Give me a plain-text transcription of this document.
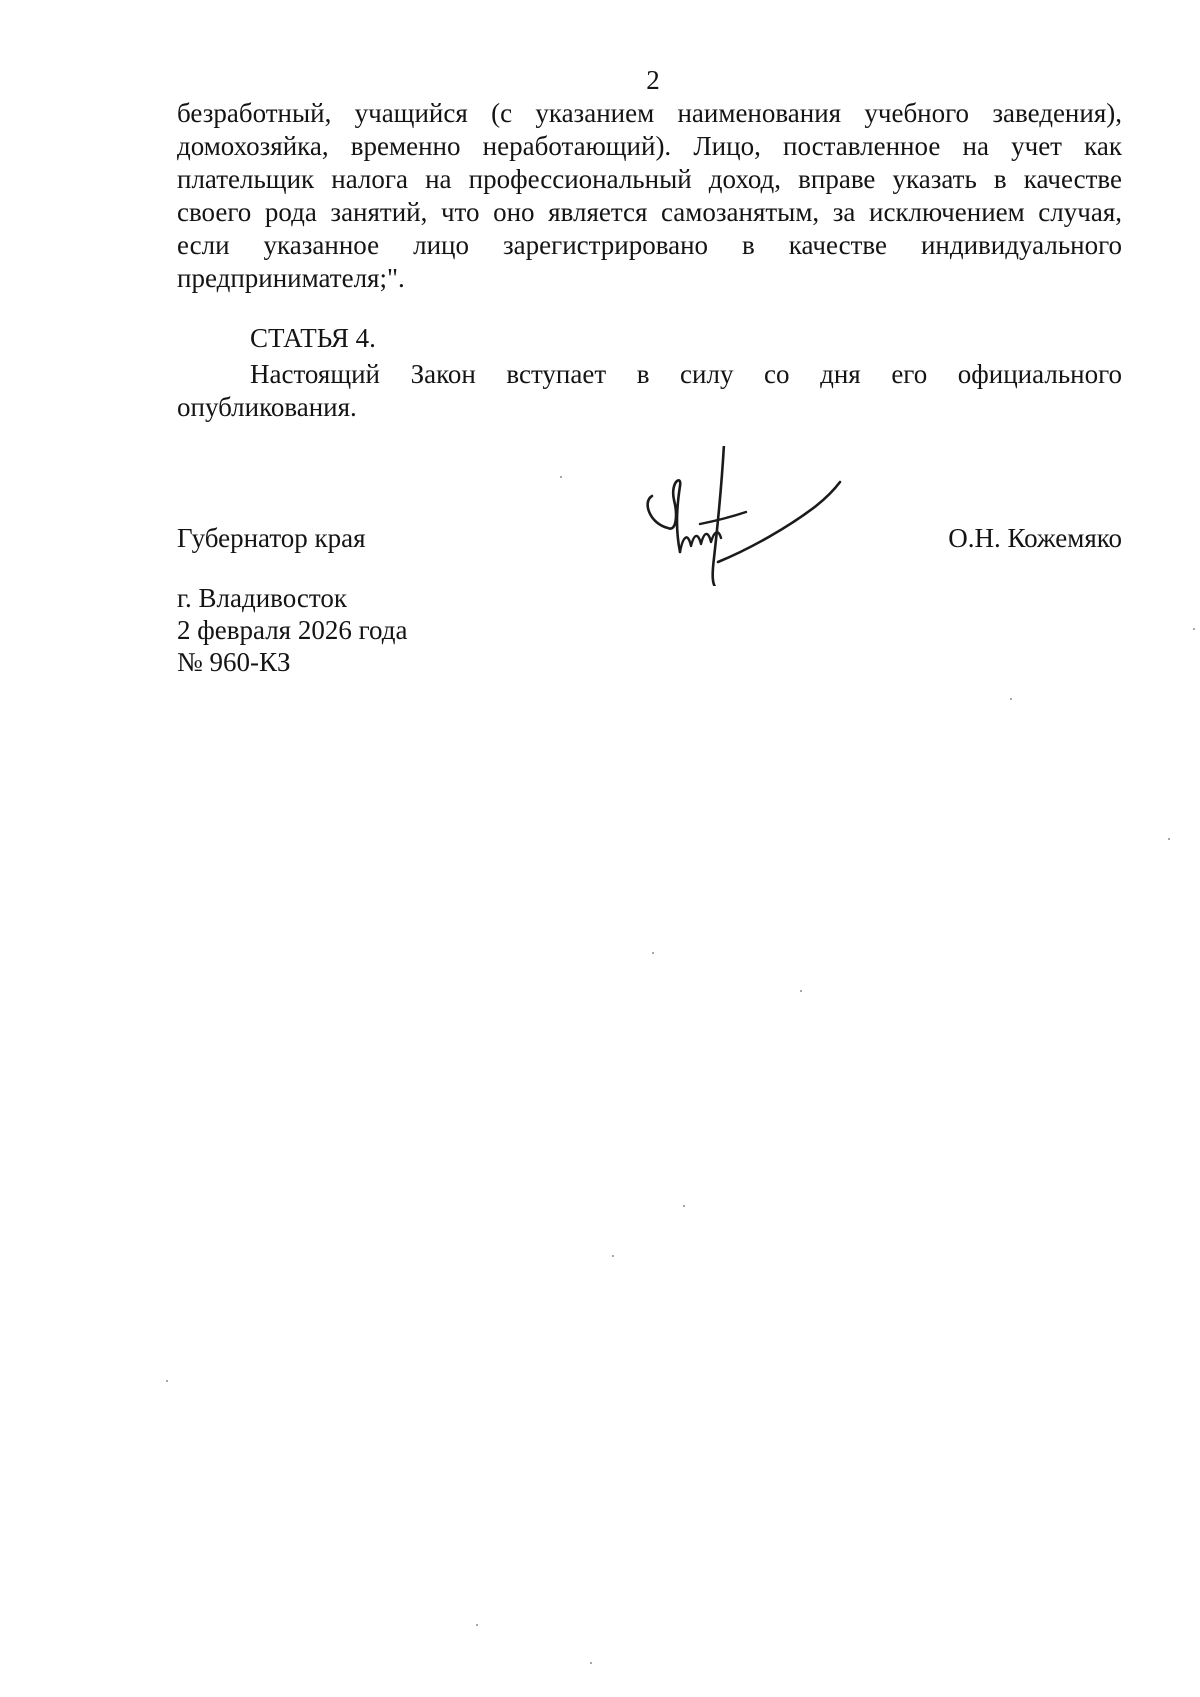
2
безработный, учащийся (с указанием наименования учебного заведения),
домохозяйка, временно неработающий). Лицо, поставленное на учет как
плательщик налога на профессиональный доход, вправе указать в качестве
своего рода занятий, что оно является самозанятым, за исключением случая,
если указанное лицо зарегистрировано в качестве индивидуального
предпринимателя;".
СТАТЬЯ 4.
Настоящий Закон вступает в силу со дня его официального
опубликования.
Губернатор края	О.Н. Кожемяко
г. Владивосток
2 февраля 2026 года
№ 960-КЗ
